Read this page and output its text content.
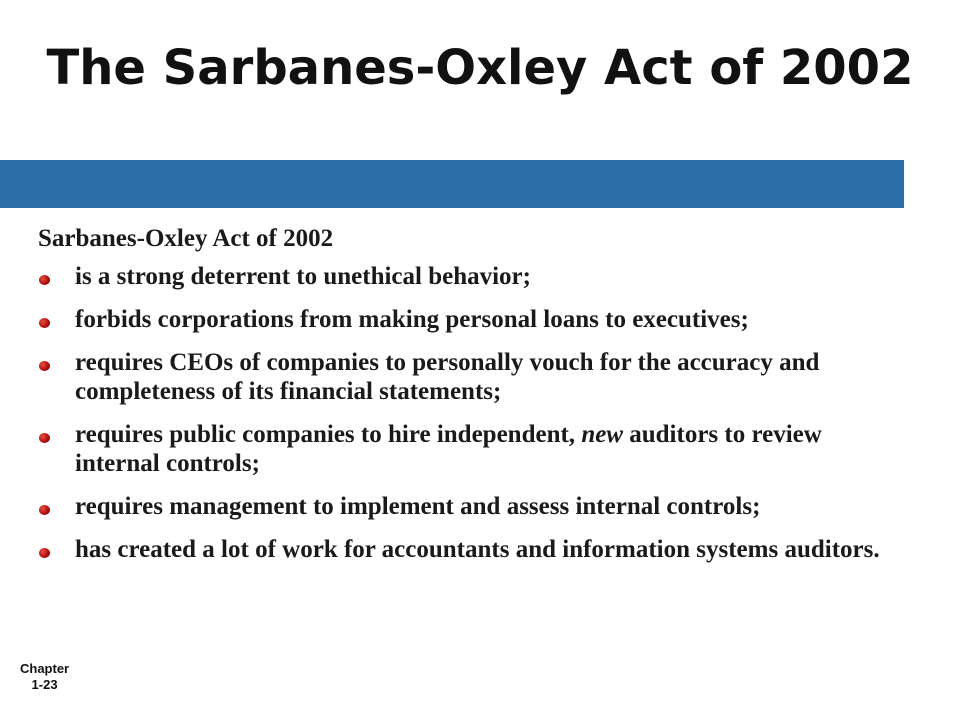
The Sarbanes-Oxley Act of 2002
Sarbanes-Oxley Act of 2002
is a strong deterrent to unethical behavior;
forbids corporations from making personal loans to executives;
requires CEOs of companies to personally vouch for the accuracy and completeness of its financial statements;
requires public companies to hire independent, new auditors to review internal controls;
requires management to implement and assess internal controls;
has created a lot of work for accountants and information systems auditors.
Chapter
1-23
